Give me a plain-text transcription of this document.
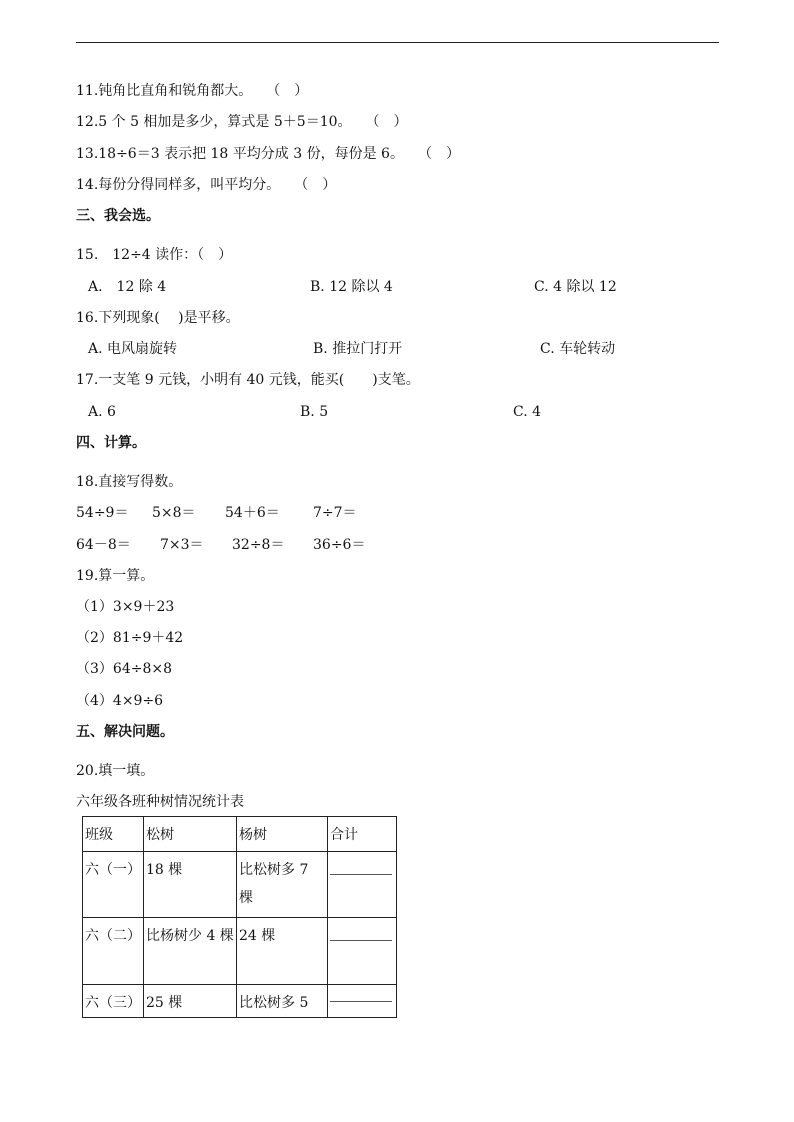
11.钝角比直角和锐角都大。　　（　）
12.5 个 5 相加是多少，算式是 5＋5＝10。　　（　）
13.18÷6＝3 表示把 18 平均分成 3 份，每份是 6。　　（　）
14.每份分得同样多，叫平均分。　　（　）
三、我会选。
15.　12÷4 读作：（　）
A.　12 除 4	B. 12 除以 4	C. 4 除以 12
16.下列现象(　 )是平移。
A. 电风扇旋转	B. 推拉门打开	C. 车轮转动
17.一支笔 9 元钱，小明有 40 元钱，能买(　　)支笔。
A. 6	B. 5	C. 4
四、计算。
18.直接写得数。
54÷9＝ 5×8＝ 54＋6＝ 7÷7＝
64－8＝ 7×3＝ 32÷8＝ 36÷6＝
19.算一算。
（1）3×9＋23
（2）81÷9＋42
（3）64÷8×8
（4）4×9÷6
五、解决问题。
20.填一填。
六年级各班种树情况统计表
班级	松树	杨树	合计
六（一）	18 棵	比松树多 7 棵	

六（二）	比杨树少 4 棵	24 棵	

六（三）	25 棵	比松树多 5	
